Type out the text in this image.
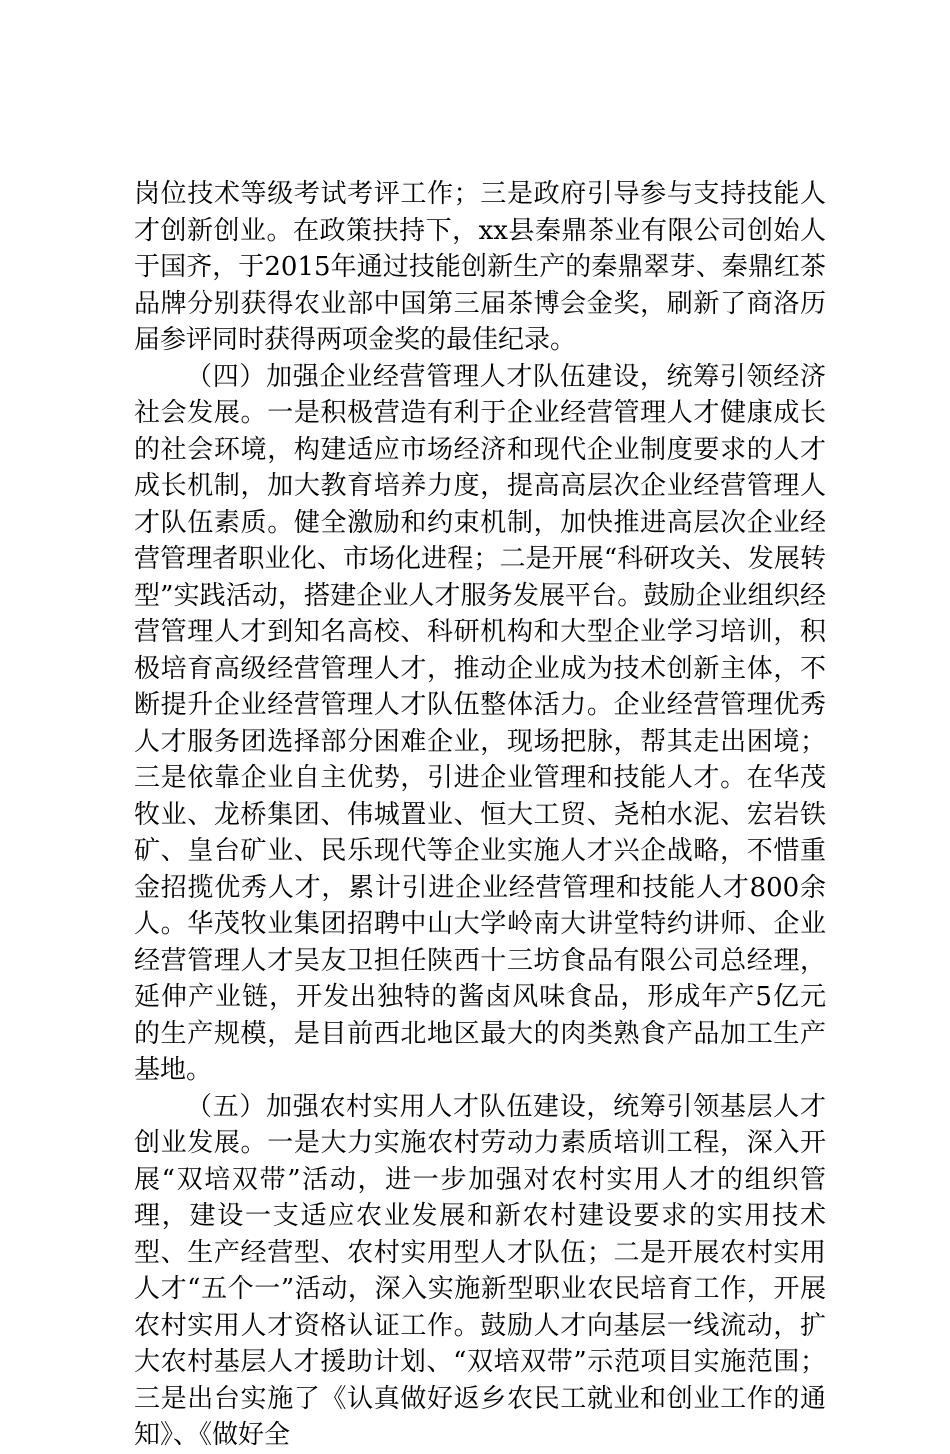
岗位技术等级考试考评工作；三是政府引导参与支持技能人才创新创业。在政策扶持下，xx县秦鼎茶业有限公司创始人于国齐，于2015年通过技能创新生产的秦鼎翠芽、秦鼎红茶品牌分别获得农业部中国第三届茶博会金奖，刷新了商洛历届参评同时获得两项金奖的最佳纪录。

（四）加强企业经营管理人才队伍建设，统筹引领经济社会发展。一是积极营造有利于企业经营管理人才健康成长的社会环境，构建适应市场经济和现代企业制度要求的人才成长机制，加大教育培养力度，提高高层次企业经营管理人才队伍素质。健全激励和约束机制，加快推进高层次企业经营管理者职业化、市场化进程；二是开展“科研攻关、发展转型”实践活动，搭建企业人才服务发展平台。鼓励企业组织经营管理人才到知名高校、科研机构和大型企业学习培训，积极培育高级经营管理人才，推动企业成为技术创新主体，不断提升企业经营管理人才队伍整体活力。企业经营管理优秀人才服务团选择部分困难企业，现场把脉，帮其走出困境；三是依靠企业自主优势，引进企业管理和技能人才。在华茂牧业、龙桥集团、伟城置业、恒大工贸、尧柏水泥、宏岩铁矿、皇台矿业、民乐现代等企业实施人才兴企战略，不惜重金招揽优秀人才，累计引进企业经营管理和技能人才800余人。华茂牧业集团招聘中山大学岭南大讲堂特约讲师、企业经营管理人才吴友卫担任陕西十三坊食品有限公司总经理，延伸产业链，开发出独特的酱卤风味食品，形成年产5亿元的生产规模，是目前西北地区最大的肉类熟食产品加工生产基地。

（五）加强农村实用人才队伍建设，统筹引领基层人才创业发展。一是大力实施农村劳动力素质培训工程，深入开展“双培双带”活动，进一步加强对农村实用人才的组织管理，建设一支适应农业发展和新农村建设要求的实用技术型、生产经营型、农村实用型人才队伍；二是开展农村实用人才“五个一”活动，深入实施新型职业农民培育工作，开展农村实用人才资格认证工作。鼓励人才向基层一线流动，扩大农村基层人才援助计划、“双培双带”示范项目实施范围；三是出台实施了《认真做好返乡农民工就业和创业工作的通知》、《做好全
